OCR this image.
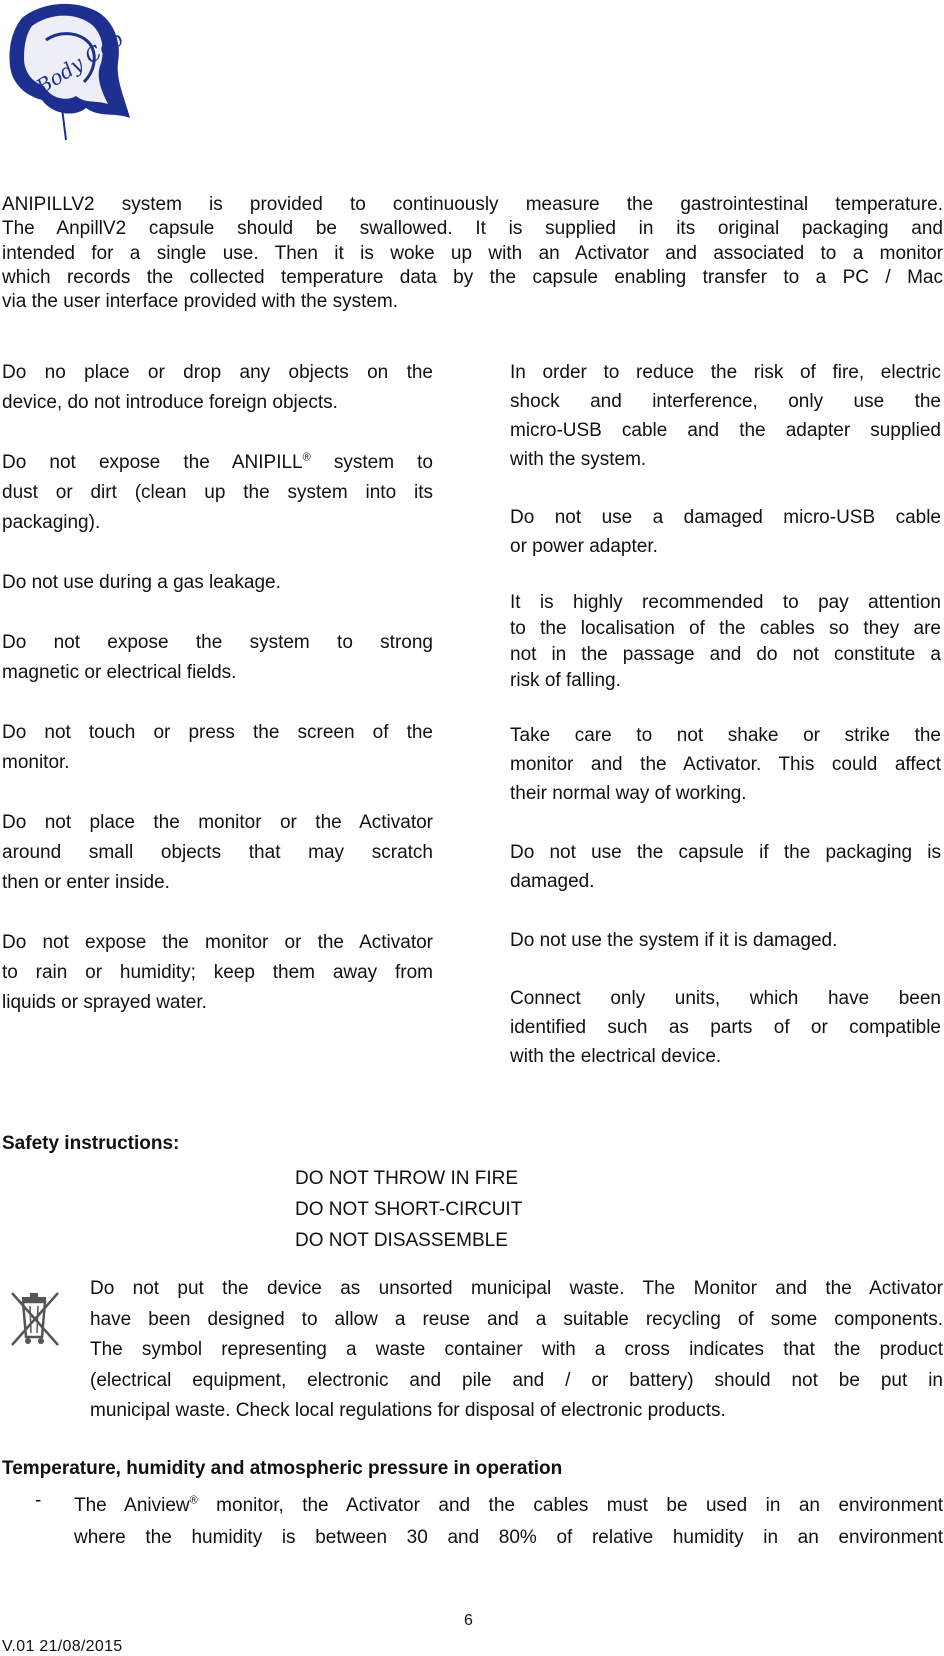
Body Cap

ANIPILLV2 system is provided to continuously measure the gastrointestinal temperature.
The AnpillV2 capsule should be swallowed. It is supplied in its original packaging and
intended for a single use. Then it is woke up with an Activator and associated to a monitor
which records the collected temperature data by the capsule enabling transfer to a PC / Mac
via the user interface provided with the system.

Do no place or drop any objects on the
device, do not introduce foreign objects.

Do not expose the ANIPILL® system to
dust or dirt (clean up the system into its
packaging).

Do not use during a gas leakage.

Do not expose the system to strong
magnetic or electrical fields.

Do not touch or press the screen of the
monitor.

Do not place the monitor or the Activator
around small objects that may scratch
then or enter inside.

Do not expose the monitor or the Activator
to rain or humidity; keep them away from
liquids or sprayed water.

In order to reduce the risk of fire, electric
shock and interference, only use the
micro-USB cable and the adapter supplied
with the system.

Do not use a damaged micro-USB cable
or power adapter.

It is highly recommended to pay attention
to the localisation of the cables so they are
not in the passage and do not constitute a
risk of falling.

Take care to not shake or strike the
monitor and the Activator. This could affect
their normal way of working.

Do not use the capsule if the packaging is
damaged.

Do not use the system if it is damaged.

Connect only units, which have been
identified such as parts of or compatible
with the electrical device.

Safety instructions:

DO NOT THROW IN FIRE
DO NOT SHORT-CIRCUIT
DO NOT DISASSEMBLE

Do not put the device as unsorted municipal waste. The Monitor and the Activator
have been designed to allow a reuse and a suitable recycling of some components.
The symbol representing a waste container with a cross indicates that the product
(electrical equipment, electronic and pile and / or battery) should not be put in
municipal waste. Check local regulations for disposal of electronic products.

Temperature, humidity and atmospheric pressure in operation

- The Aniview® monitor, the Activator and the cables must be used in an environment
where the humidity is between 30 and 80% of relative humidity in an environment

6
V.01 21/08/2015
